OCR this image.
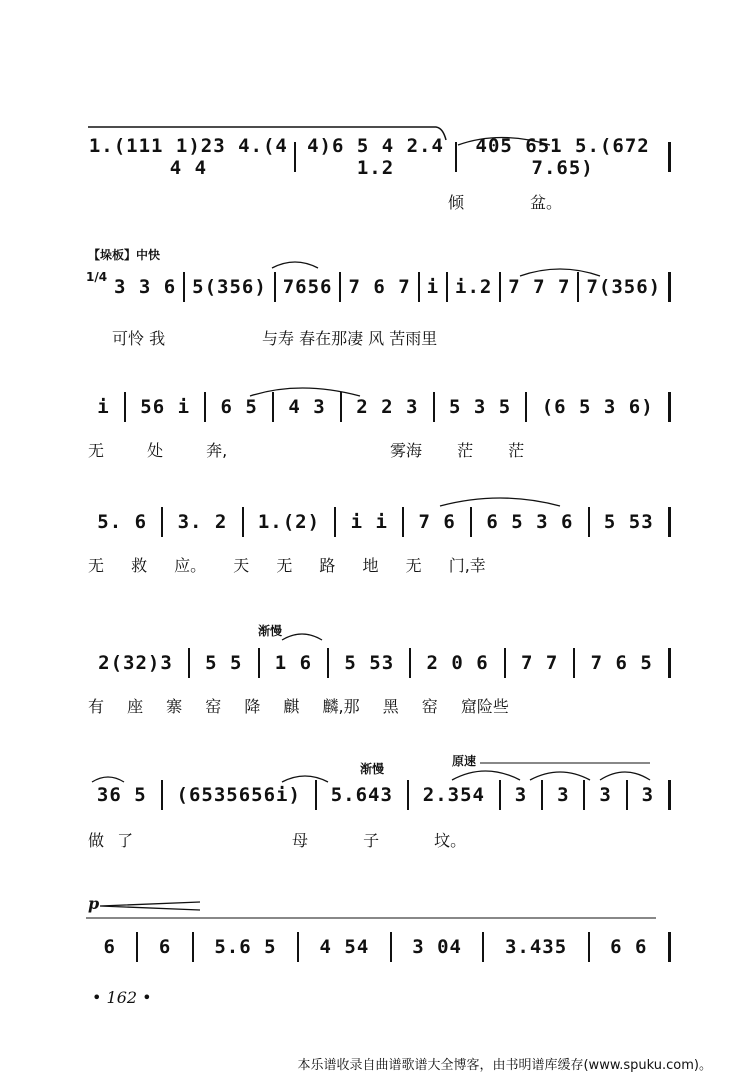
1.(111 1)23 4.(4 4 4
4)6 5 4 2.4 1.2
405 651 5.(672 7.65)
倾	盆。
【垛板】中快
1/4 3 3 6 5(356) 7656 7 6 7 i i.2 7 7 7 7(356)
可怜 我	与寿 春在那凄 风 苦雨里
i	56 i	6 5	4 3	2 2 3	5 3 5	(6 5 3 6)
无 处 奔,	雾海 茫 茫
5. 6	3. 2	1.(2)	i i	7 6	6 5 3 6	5 53
无 救 应。 天 无 路 地 无 门,幸
渐慢
2(32)3	5 5	1 6	5 53	2 0 6	7 7	7 6 5
有 座 寨 窑 降 麒 麟,那 黑 窑 窟险些
渐慢
原速
36 5	(6535656i)	5.643	2.354	3	3	3	3
做 了	母 子 坟。
p
6	6	5.6 5	4 54	3 04	3.435	6 6
• 162 •
本乐谱收录自曲谱歌谱大全博客，由书明谱库缓存(www.spuku.com)。
